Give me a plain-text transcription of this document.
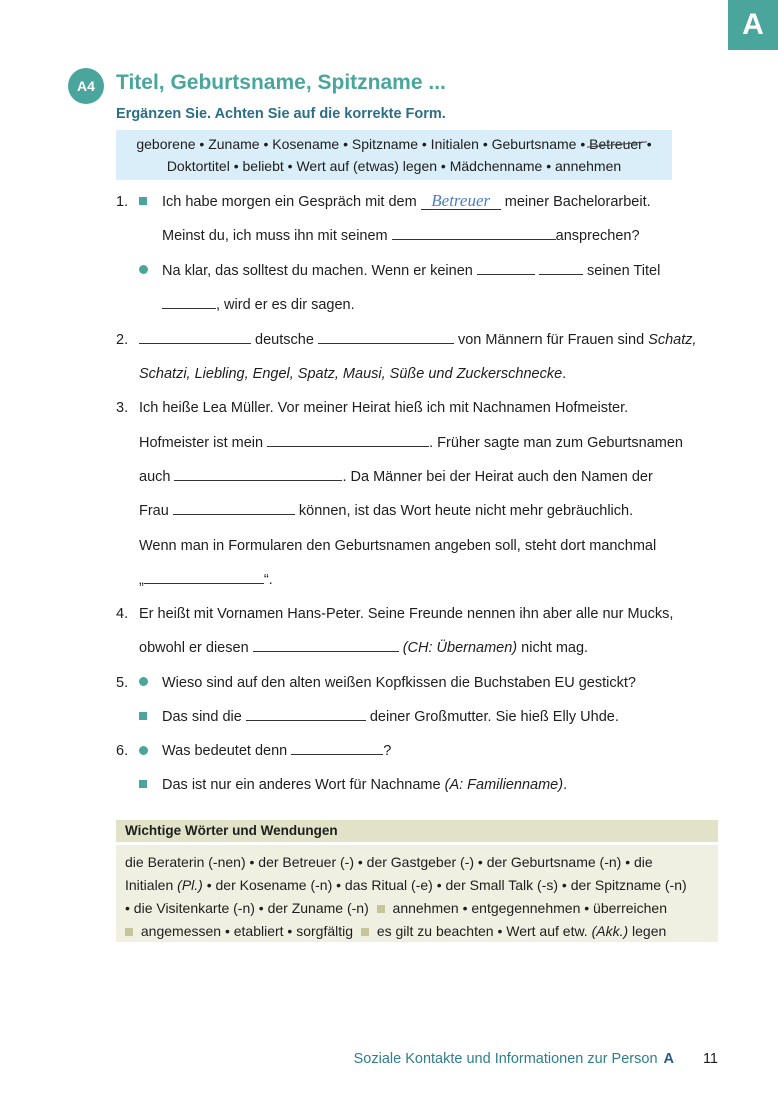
A
A4	Titel, Geburtsname, Spitzname ...
Ergänzen Sie. Achten Sie auf die korrekte Form.
geborene • Zuname • Kosename • Spitzname • Initialen • Geburtsname • Betreuer •
Doktortitel • beliebt • Wert auf (etwas) legen • Mädchenname • annehmen
1. Ich habe morgen ein Gespräch mit dem Betreuer meiner Bachelorarbeit.
Meinst du, ich muss ihn mit seinem	ansprechen?
Na klar, das solltest du machen. Wenn er keinen	seinen Titel
, wird er es dir sagen.
2.	deutsche	von Männern für Frauen sind Schatz,
Schatzi, Liebling, Engel, Spatz, Mausi, Süße und Zuckerschnecke.
3. Ich heiße Lea Müller. Vor meiner Heirat hieß ich mit Nachnamen Hofmeister.
Hofmeister ist mein	. Früher sagte man zum Geburtsnamen
auch	. Da Männer bei der Heirat auch den Namen der
Frau	können, ist das Wort heute nicht mehr gebräuchlich.
Wenn man in Formularen den Geburtsnamen angeben soll, steht dort manchmal
„	“.
4. Er heißt mit Vornamen Hans-Peter. Seine Freunde nennen ihn aber alle nur Mucks,
obwohl er diesen	(CH: Übernamen) nicht mag.
5. Wieso sind auf den alten weißen Kopfkissen die Buchstaben EU gestickt?
Das sind die	deiner Großmutter. Sie hieß Elly Uhde.
6. Was bedeutet denn	?
Das ist nur ein anderes Wort für Nachname (A: Familienname).
Wichtige Wörter und Wendungen
die Beraterin (-nen) • der Betreuer (-) • der Gastgeber (-) • der Geburtsname (-n) • die
Initialen (Pl.) • der Kosename (-n) • das Ritual (-e) • der Small Talk (-s) • der Spitzname (-n)
• die Visitenkarte (-n) • der Zuname (-n) annehmen • entgegennehmen • überreichen
angemessen • etabliert • sorgfältig es gilt zu beachten • Wert auf etw. (Akk.) legen
Soziale Kontakte und Informationen zur Person A 11
